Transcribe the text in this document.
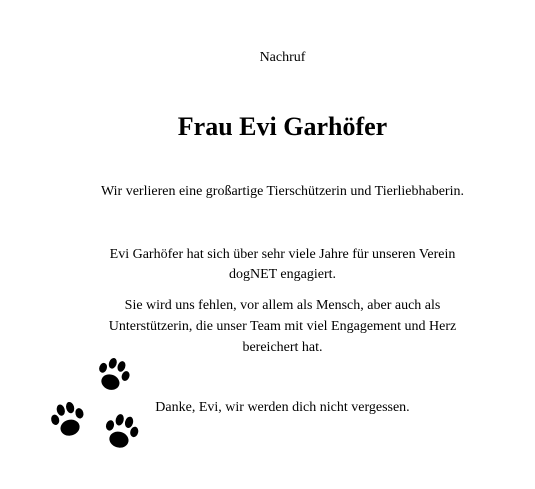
Nachruf
Frau Evi Garhöfer
Wir verlieren eine großartige Tierschützerin und Tierliebhaberin.
Evi Garhöfer hat sich über sehr viele Jahre für unseren Verein
dogNET engagiert.
Sie wird uns fehlen, vor allem als Mensch, aber auch als
Unterstützerin, die unser Team mit viel Engagement und Herz
bereichert hat.
Danke, Evi, wir werden dich nicht vergessen.
